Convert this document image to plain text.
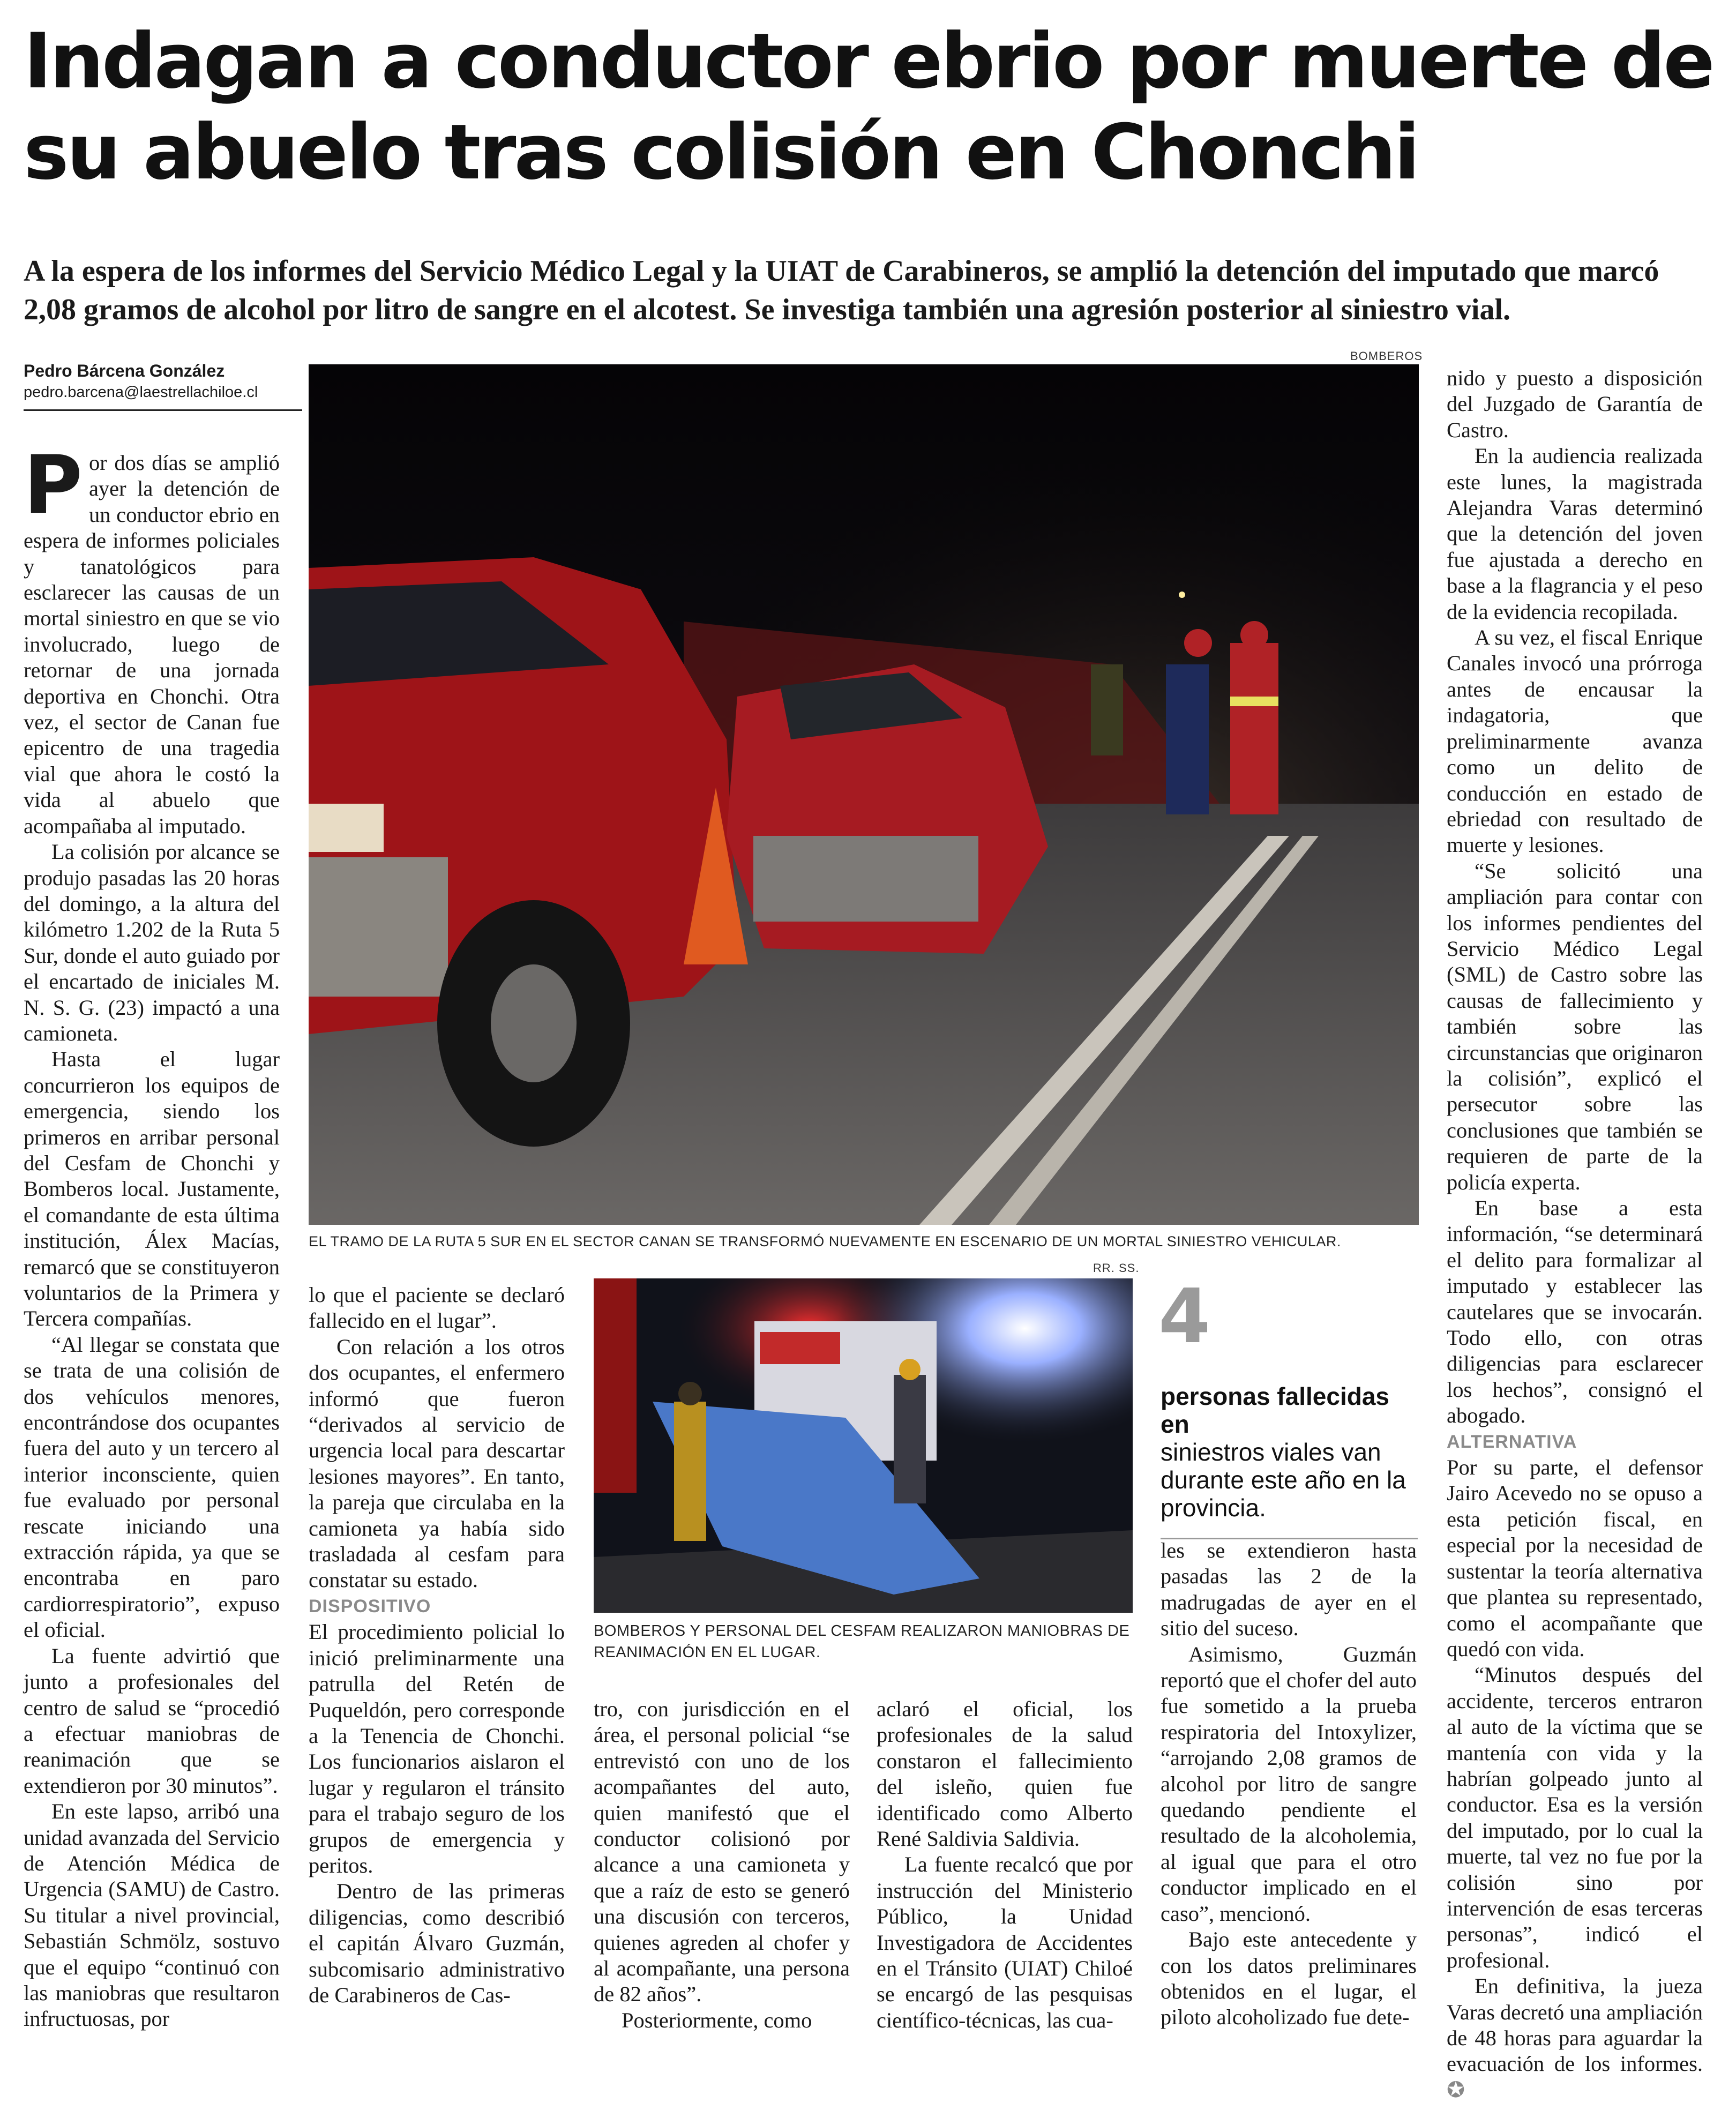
Indagan a conductor ebrio por muerte de su abuelo tras colisión en Chonchi
A la espera de los informes del Servicio Médico Legal y la UIAT de Carabineros, se amplió la detención del imputado que marcó 2,08 gramos de alcohol por litro de sangre en el alcotest. Se investiga también una agresión posterior al siniestro vial.
Pedro Bárcena González
pedro.barcena@laestrellachiloe.cl

Por dos días se amplió ayer la detención de un conductor ebrio en espera de informes policiales y tanatológicos para esclarecer las causas de un mortal siniestro en que se vio involucrado, luego de retornar de una jornada deportiva en Chonchi. Otra vez, el sector de Canan fue epicentro de una tragedia vial que ahora le costó la vida al abuelo que acompañaba al imputado.

La colisión por alcance se produjo pasadas las 20 horas del domingo, a la altura del kilómetro 1.202 de la Ruta 5 Sur, donde el auto guiado por el encartado de iniciales M. N. S. G. (23) impactó a una camioneta.

Hasta el lugar concurrieron los equipos de emergencia, siendo los primeros en arribar personal del Cesfam de Chonchi y Bomberos local. Justamente, el comandante de esta última institución, Álex Macías, remarcó que se constituyeron voluntarios de la Primera y Tercera compañías.

“Al llegar se constata que se trata de una colisión de dos vehículos menores, encontrándose dos ocupantes fuera del auto y un tercero al interior inconsciente, quien fue evaluado por personal rescate iniciando una extracción rápida, ya que se encontraba en paro cardiorrespiratorio”, expuso el oficial.

La fuente advirtió que junto a profesionales del centro de salud se “procedió a efectuar maniobras de reanimación que se extendieron por 30 minutos”.

En este lapso, arribó una unidad avanzada del Servicio de Atención Médica de Urgencia (SAMU) de Castro. Su titular a nivel provincial, Sebastián Schmölz, sostuvo que el equipo “continuó con las maniobras que resultaron infructuosas, por

BOMBEROS
EL TRAMO DE LA RUTA 5 SUR EN EL SECTOR CANAN SE TRANSFORMÓ NUEVAMENTE EN ESCENARIO DE UN MORTAL SINIESTRO VEHICULAR.

lo que el paciente se declaró fallecido en el lugar”.

Con relación a los otros dos ocupantes, el enfermero informó que fueron “derivados al servicio de urgencia local para descartar lesiones mayores”. En tanto, la pareja que circulaba en la camioneta ya había sido trasladada al cesfam para constatar su estado.

DISPOSITIVO

El procedimiento policial lo inició preliminarmente una patrulla del Retén de Puqueldón, pero corresponde a la Tenencia de Chonchi. Los funcionarios aislaron el lugar y regularon el tránsito para el trabajo seguro de los grupos de emergencia y peritos.

Dentro de las primeras diligencias, como describió el capitán Álvaro Guzmán, subcomisario administrativo de Carabineros de Cas-

RR. SS.
BOMBEROS Y PERSONAL DEL CESFAM REALIZARON MANIOBRAS DE REANIMACIÓN EN EL LUGAR.
4
personas fallecidas en
siniestros viales van durante este año en la provincia.

tro, con jurisdicción en el área, el personal policial “se entrevistó con uno de los acompañantes del auto, quien manifestó que el conductor colisionó por alcance a una camioneta y que a raíz de esto se generó una discusión con terceros, quienes agreden al chofer y al acompañante, una persona de 82 años”.

Posteriormente, como

aclaró el oficial, los profesionales de la salud constaron el fallecimiento del isleño, quien fue identificado como Alberto René Saldivia Saldivia.

La fuente recalcó que por instrucción del Ministerio Público, la Unidad Investigadora de Accidentes en el Tránsito (UIAT) Chiloé se encargó de las pesquisas científico-técnicas, las cua-

les se extendieron hasta pasadas las 2 de la madrugadas de ayer en el sitio del suceso.

Asimismo, Guzmán reportó que el chofer del auto fue sometido a la prueba respiratoria del Intoxylizer, “arrojando 2,08 gramos de alcohol por litro de sangre quedando pendiente el resultado de la alcoholemia, al igual que para el otro conductor implicado en el caso”, mencionó.

Bajo este antecedente y con los datos preliminares obtenidos en el lugar, el piloto alcoholizado fue dete-

nido y puesto a disposición del Juzgado de Garantía de Castro.

En la audiencia realizada este lunes, la magistrada Alejandra Varas determinó que la detención del joven fue ajustada a derecho en base a la flagrancia y el peso de la evidencia recopilada.

A su vez, el fiscal Enrique Canales invocó una prórroga antes de encausar la indagatoria, que preliminarmente avanza como un delito de conducción en estado de ebriedad con resultado de muerte y lesiones.

“Se solicitó una ampliación para contar con los informes pendientes del Servicio Médico Legal (SML) de Castro sobre las causas de fallecimiento y también sobre las circunstancias que originaron la colisión”, explicó el persecutor sobre las conclusiones que también se requieren de parte de la policía experta.

En base a esta información, “se determinará el delito para formalizar al imputado y establecer las cautelares que se invocarán. Todo ello, con otras diligencias para esclarecer los hechos”, consignó el abogado.

ALTERNATIVA

Por su parte, el defensor Jairo Acevedo no se opuso a esta petición fiscal, en especial por la necesidad de sustentar la teoría alternativa que plantea su representado, como el acompañante que quedó con vida.

“Minutos después del accidente, terceros entraron al auto de la víctima que se mantenía con vida y la habrían golpeado junto al conductor. Esa es la versión del imputado, por lo cual la muerte, tal vez no fue por la colisión sino por intervención de esas terceras personas”, indicó el profesional.

En definitiva, la jueza Varas decretó una ampliación de 48 horas para aguardar la evacuación de los informes. ✪
